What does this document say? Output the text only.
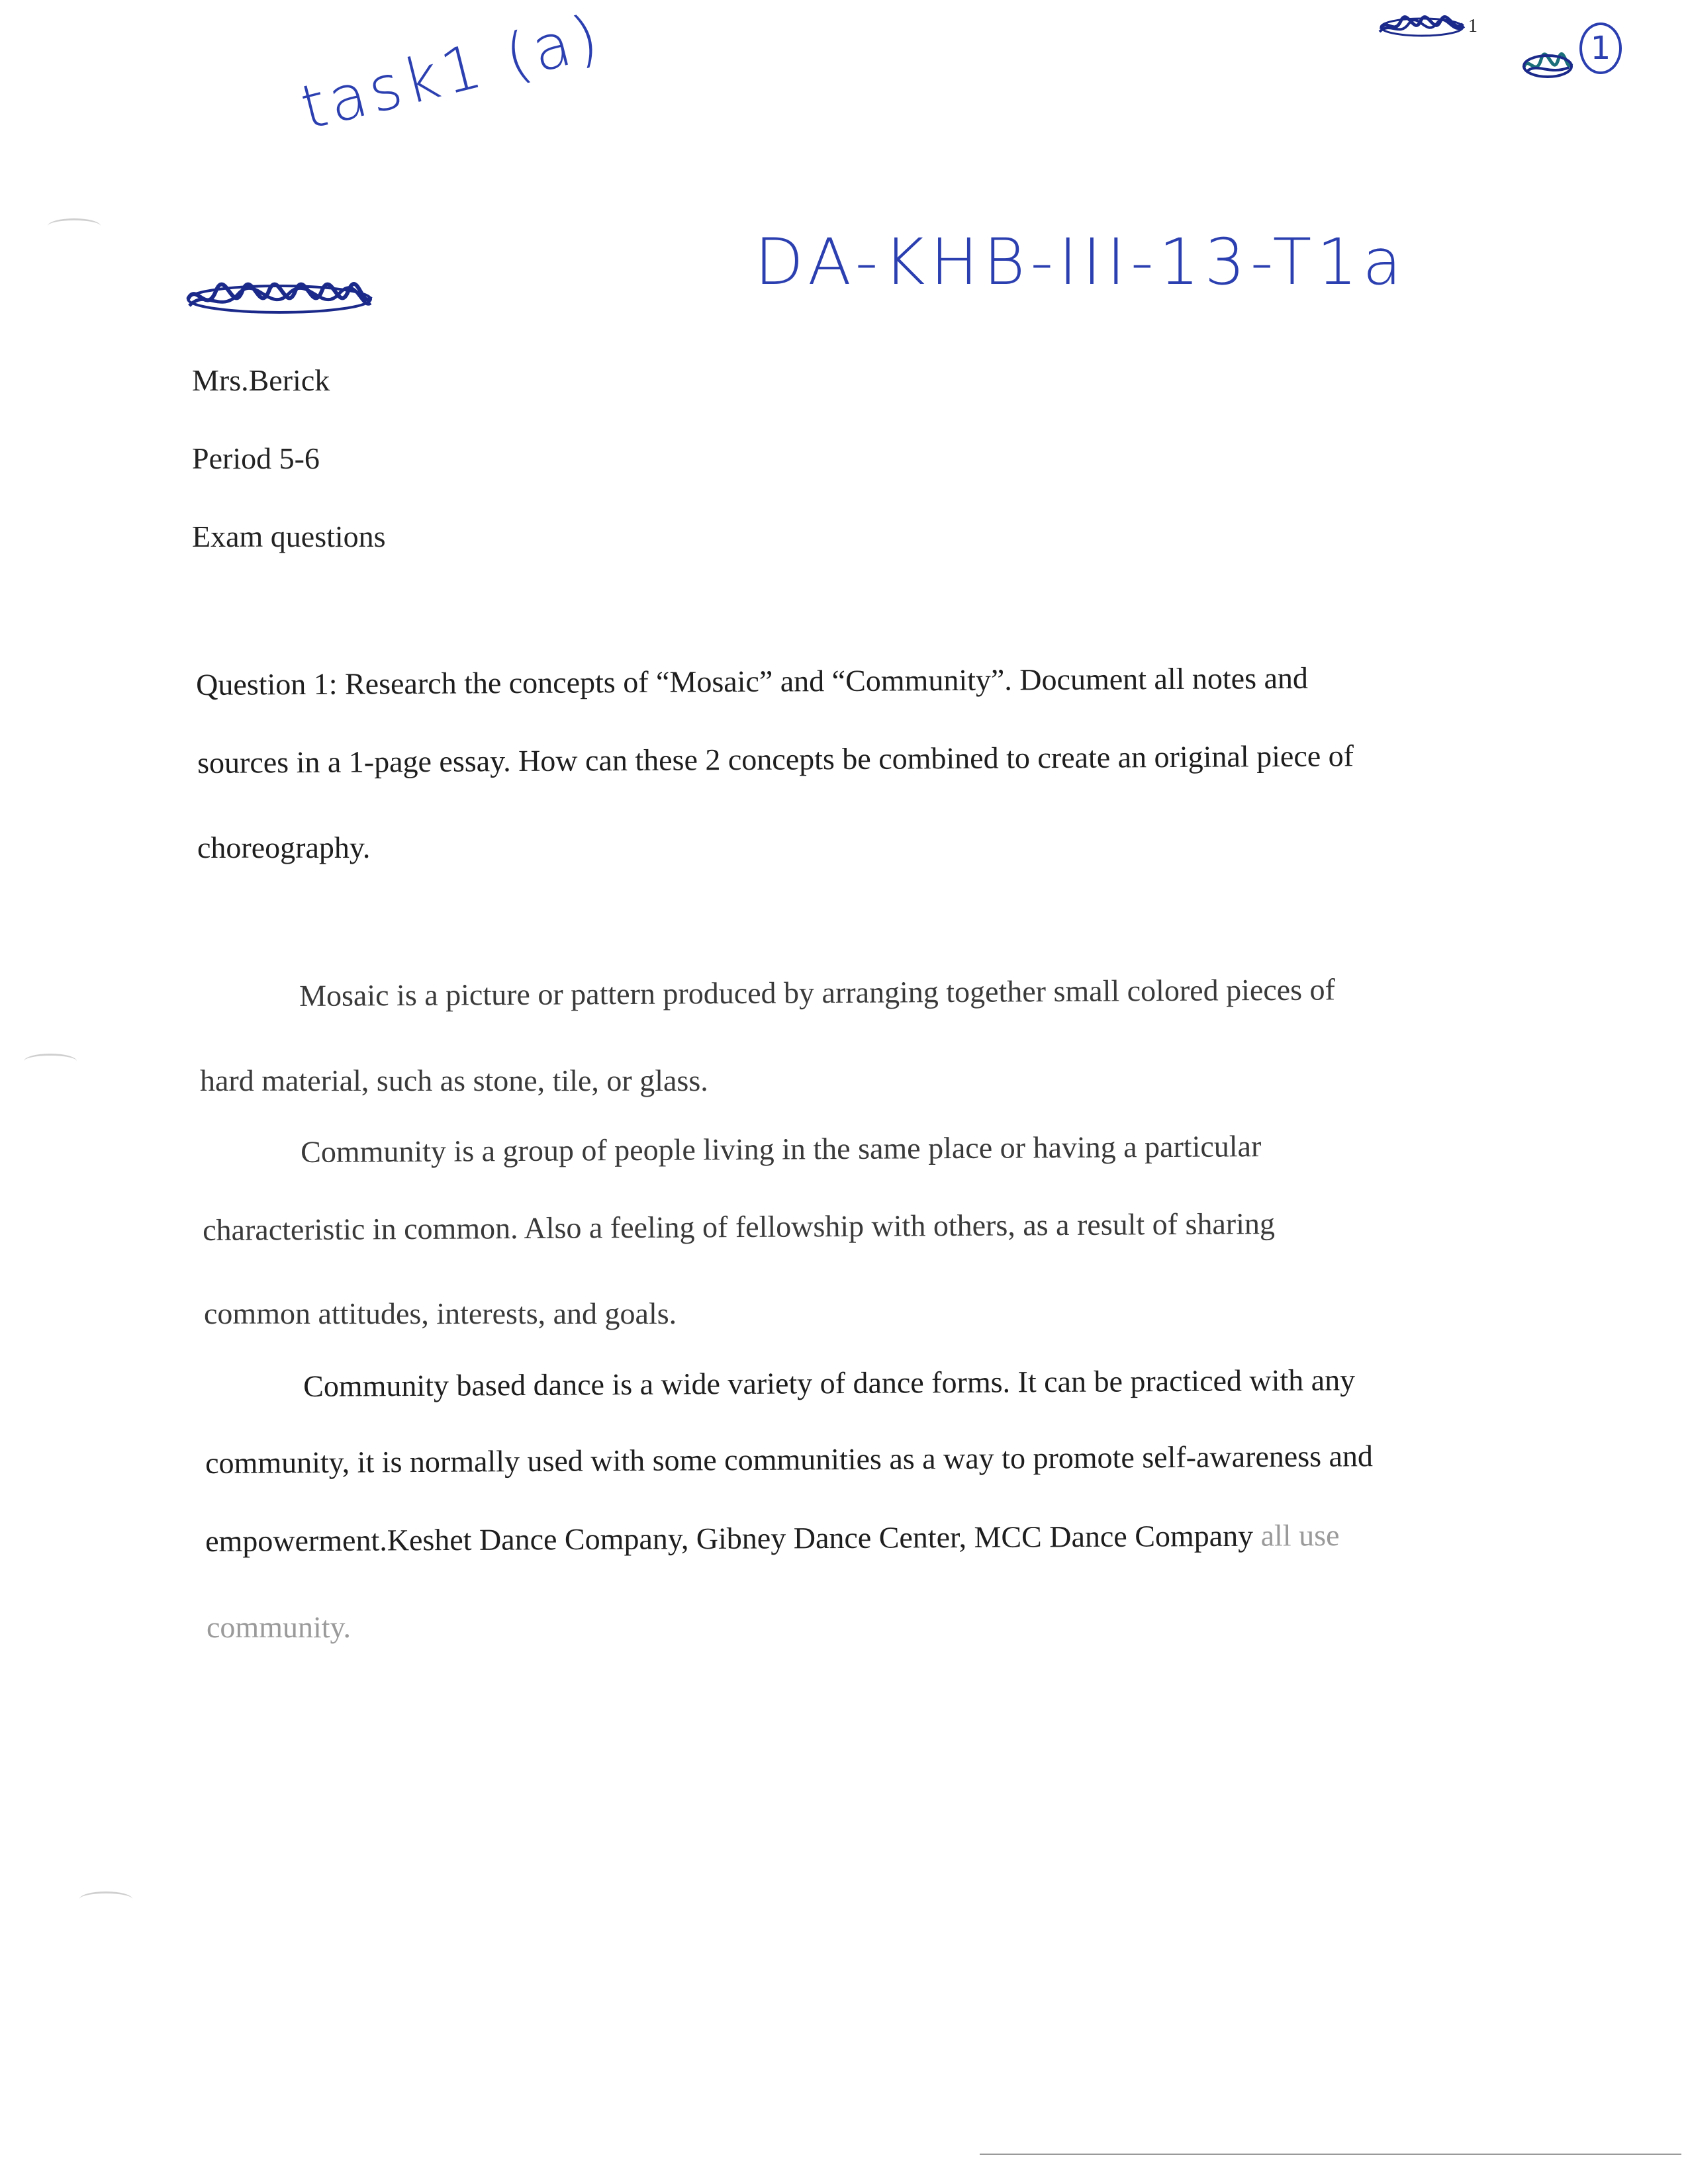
task1 (a)
DA-KHB-III-13-T1a
1
1
Mrs.Berick
Period 5-6
Exam questions
Question 1: Research the concepts of “Mosaic” and “Community”. Document all notes and
sources in a 1-page essay. How can these 2 concepts be combined to create an original piece of
choreography.
Mosaic is a picture or pattern produced by arranging together small colored pieces of
hard material, such as stone, tile, or glass.
Community is a group of people living in the same place or having a particular
characteristic in common. Also a feeling of fellowship with others, as a result of sharing
common attitudes, interests, and goals.
Community based dance is a wide variety of dance forms. It can be practiced with any
community, it is normally used with some communities as a way to promote self-awareness and
empowerment.Keshet Dance Company, Gibney Dance Center, MCC Dance Company all use
community.
